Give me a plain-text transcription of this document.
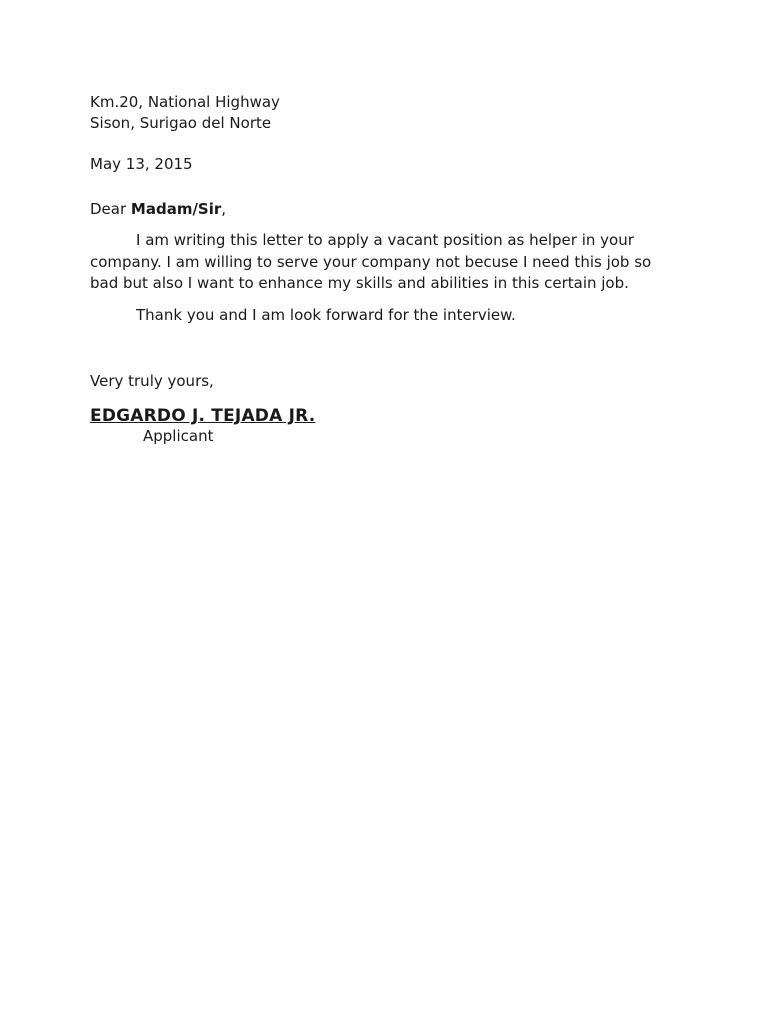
Km.20, National Highway
Sison, Surigao del Norte
May 13, 2015
Dear Madam/Sir,
I am writing this letter to apply a vacant position as helper in your company. I am willing to serve your company not becuse I need this job so bad but also I want to enhance my skills and abilities in this certain job.
Thank you and I am look forward for the interview.
Very truly yours,
EDGARDO J. TEJADA JR.
Applicant
